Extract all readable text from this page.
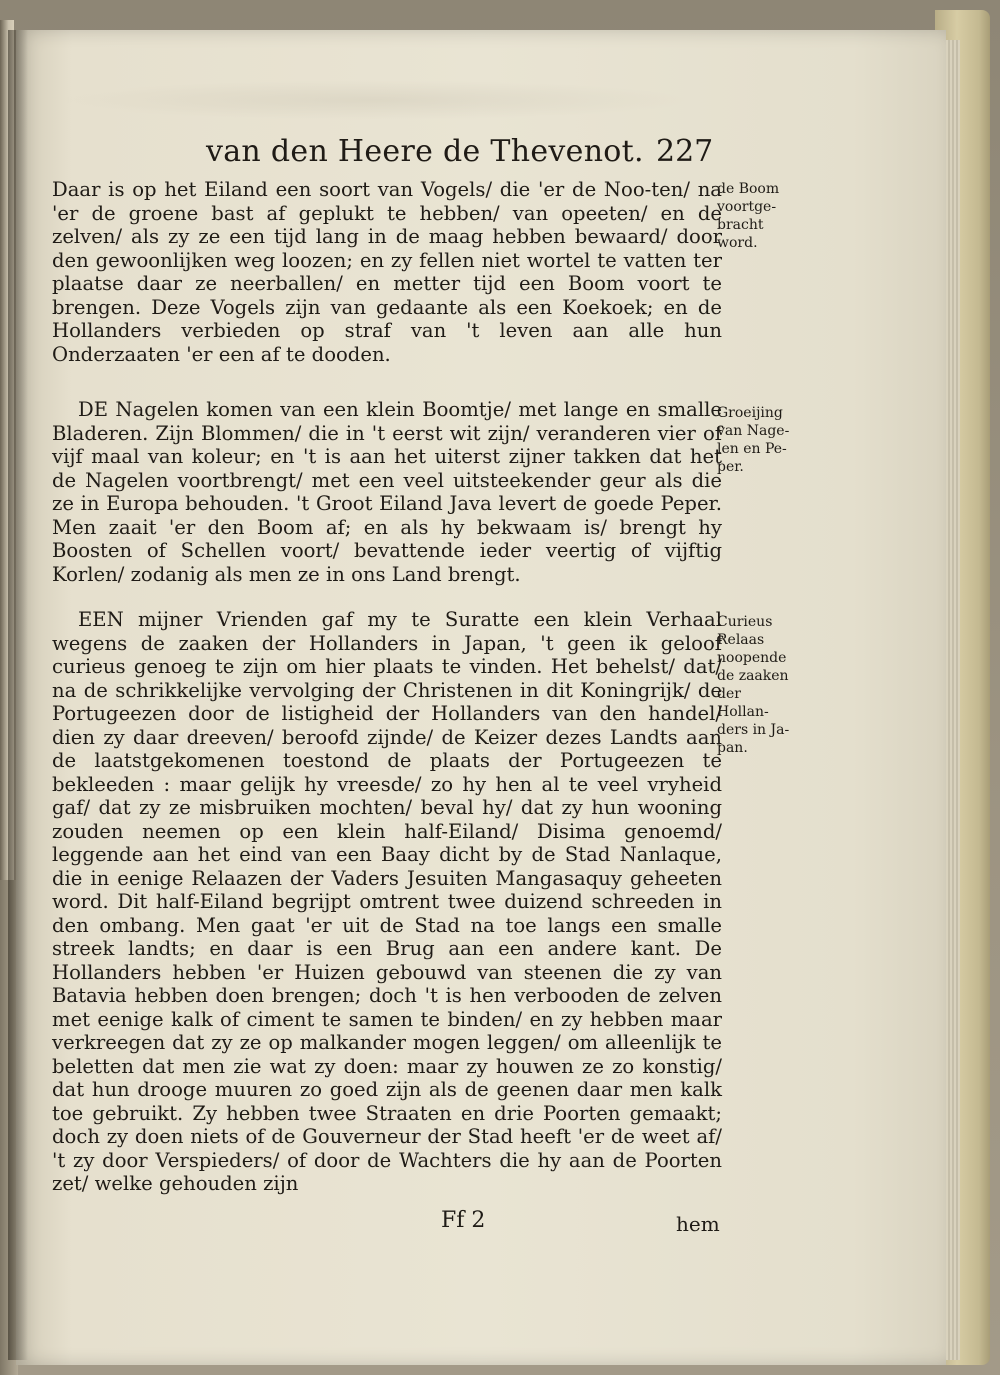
van den Heere de Thevenot. 227
Daar is op het Eiland een soort van Vogels/ die 'er de Noo-ten/ na 'er de groene bast af geplukt te hebben/ van opeeten/ en de zelven/ als zy ze een tijd lang in de maag hebben bewaard/ door den gewoonlijken weg loozen; en zy fellen niet wortel te vatten ter plaatse daar ze neerballen/ en metter tijd een Boom voort te brengen. Deze Vogels zijn van gedaante als een Koekoek; en de Hollanders verbieden op straf van 't leven aan alle hun Onderzaaten 'er een af te dooden.
DE Nagelen komen van een klein Boomtje/ met lange en smalle Bladeren. Zijn Blommen/ die in 't eerst wit zijn/ veranderen vier of vijf maal van koleur; en 't is aan het uiterst zijner takken dat het de Nagelen voortbrengt/ met een veel uitsteekender geur als die ze in Europa behouden. 't Groot Eiland Java levert de goede Peper. Men zaait 'er den Boom af; en als hy bekwaam is/ brengt hy Boosten of Schellen voort/ bevattende ieder veertig of vijftig Korlen/ zodanig als men ze in ons Land brengt.
EEN mijner Vrienden gaf my te Suratte een klein Verhaal wegens de zaaken der Hollanders in Japan, 't geen ik geloof curieus genoeg te zijn om hier plaats te vinden. Het behelst/ dat/ na de schrikkelijke vervolging der Christenen in dit Koningrijk/ de Portugeezen door de listigheid der Hollanders van den handel/ dien zy daar dreeven/ beroofd zijnde/ de Keizer dezes Landts aan de laatstgekomenen toestond de plaats der Portugeezen te bekleeden : maar gelijk hy vreesde/ zo hy hen al te veel vryheid gaf/ dat zy ze misbruiken mochten/ beval hy/ dat zy hun wooning zouden neemen op een klein half-Eiland/ Disima genoemd/ leggende aan het eind van een Baay dicht by de Stad Nanlaque, die in eenige Relaazen der Vaders Jesuiten Mangasaquy geheeten word. Dit half-Eiland begrijpt omtrent twee duizend schreeden in den ombang. Men gaat 'er uit de Stad na toe langs een smalle streek landts; en daar is een Brug aan een andere kant. De Hollanders hebben 'er Huizen gebouwd van steenen die zy van Batavia hebben doen brengen; doch 't is hen verbooden de zelven met eenige kalk of ciment te samen te binden/ en zy hebben maar verkreegen dat zy ze op malkander mogen leggen/ om alleenlijk te beletten dat men zie wat zy doen: maar zy houwen ze zo konstig/ dat hun drooge muuren zo goed zijn als de geenen daar men kalk toe gebruikt. Zy hebben twee Straaten en drie Poorten gemaakt; doch zy doen niets of de Gouverneur der Stad heeft 'er de weet af/ 't zy door Verspieders/ of door de Wachters die hy aan de Poorten zet/ welke gehouden zijn
de Boom voortge-
bracht word.
Groeijing van Nage-
len en Pe-
per.
Curieus Relaas noopende de zaaken der Hollan-
ders in Ja-
pan.
Ff 2	hem
